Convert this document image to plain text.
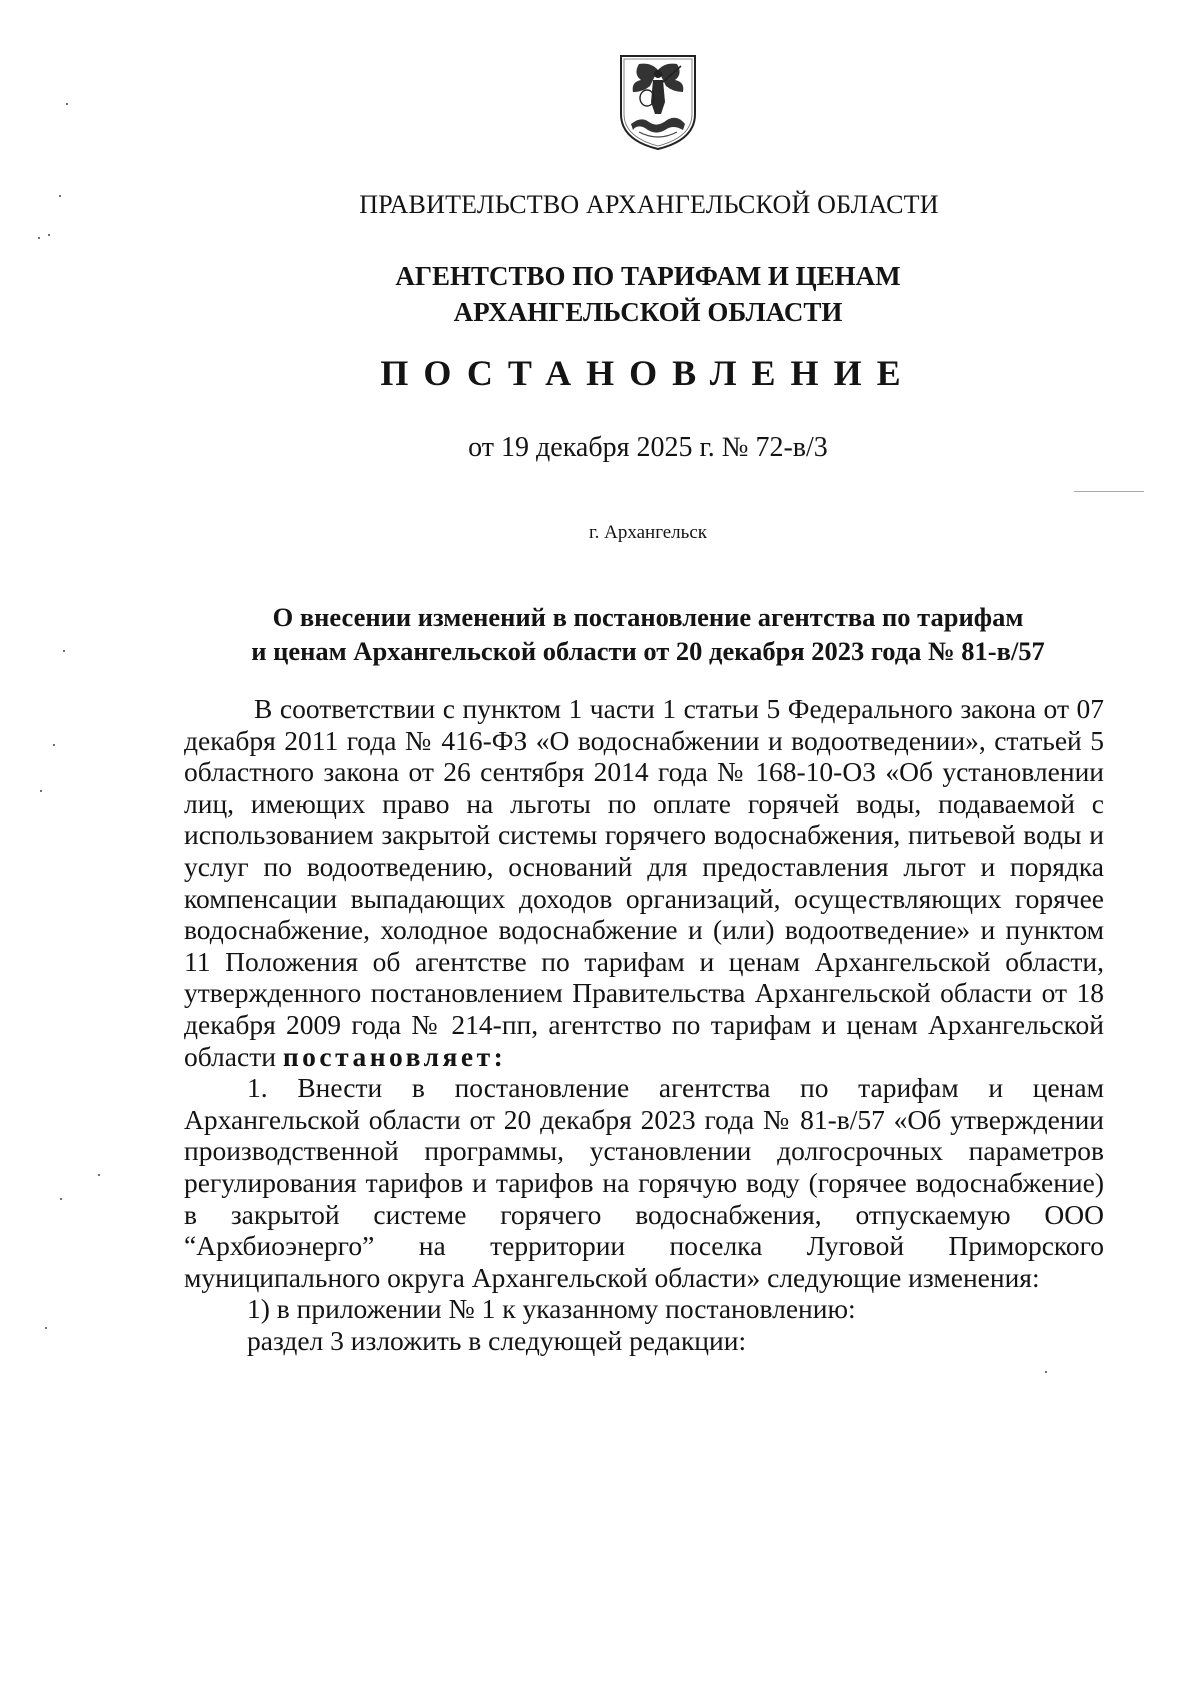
ПРАВИТЕЛЬСТВО АРХАНГЕЛЬСКОЙ ОБЛАСТИ
АГЕНТСТВО ПО ТАРИФАМ И ЦЕНАМ
АРХАНГЕЛЬСКОЙ ОБЛАСТИ
ПОСТАНОВЛЕНИЕ
от 19 декабря 2025 г. № 72-в/3
г. Архангельск
О внесении изменений в постановление агентства по тарифам
и ценам Архангельской области от 20 декабря 2023 года № 81-в/57

В соответствии с пунктом 1 части 1 статьи 5 Федерального закона от 07 декабря 2011 года № 416-ФЗ «О водоснабжении и водоотведении», статьей 5 областного закона от 26 сентября 2014 года № 168-10-ОЗ «Об установлении лиц, имеющих право на льготы по оплате горячей воды, подаваемой с использованием закрытой системы горячего водоснабжения, питьевой воды и услуг по водоотведению, оснований для предоставления льгот и порядка компенсации выпадающих доходов организаций, осуществляющих горячее водоснабжение, холодное водоснабжение и (или) водоотведение» и пунктом 11 Положения об агентстве по тарифам и ценам Архангельской области, утвержденного постановлением Правительства Архангельской области от 18 декабря 2009 года № 214-пп, агентство по тарифам и ценам Архангельской области постановляет:

1. Внести в постановление агентства по тарифам и ценам Архангельской области от 20 декабря 2023 года № 81-в/57 «Об утверждении производственной программы, установлении долгосрочных параметров регулирования тарифов и тарифов на горячую воду (горячее водоснабжение) в закрытой системе горячего водоснабжения, отпускаемую ООО “Архбиоэнерго” на территории поселка Луговой Приморского муниципального округа Архангельской области» следующие изменения:

1) в приложении № 1 к указанному постановлению:

раздел 3 изложить в следующей редакции:
